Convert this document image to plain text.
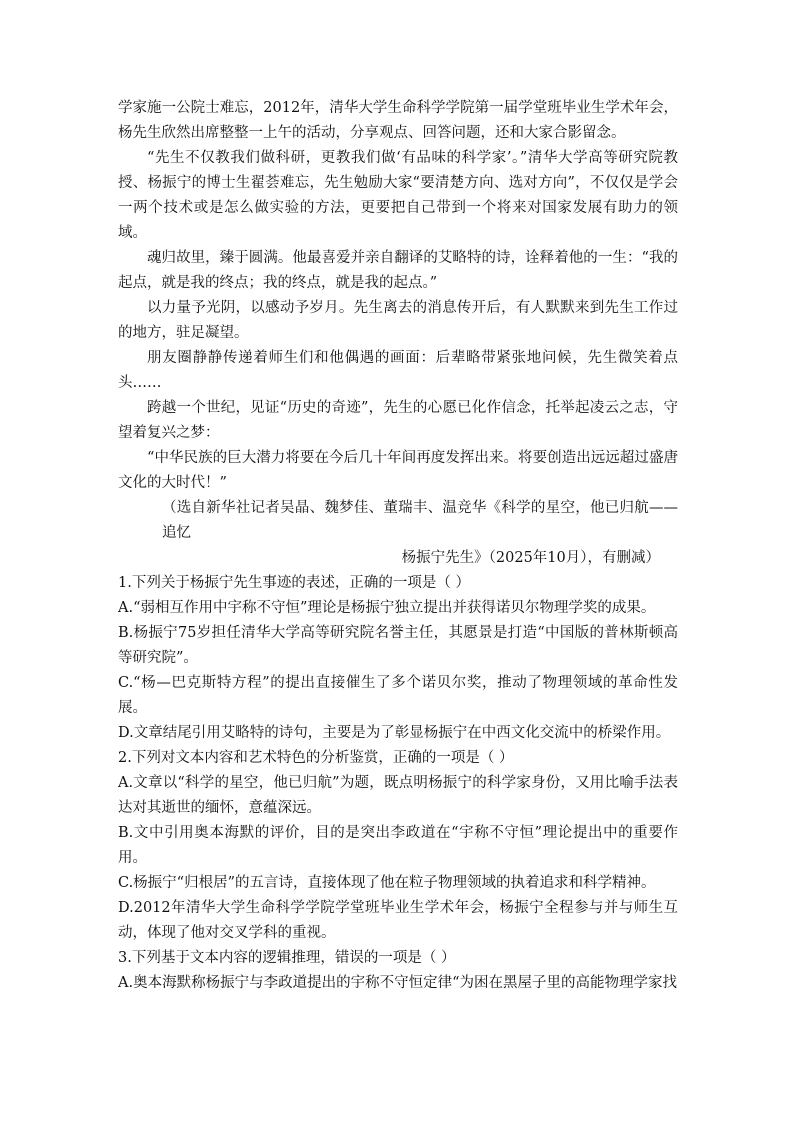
学家施一公院士难忘，2012年，清华大学生命科学学院第一届学堂班毕业生学术年会，杨先生欣然出席整整一上午的活动，分享观点、回答问题，还和大家合影留念。

“先生不仅教我们做科研，更教我们做‘有品味的科学家’。”清华大学高等研究院教授、杨振宁的博士生翟荟难忘，先生勉励大家“要清楚方向、选对方向”，不仅仅是学会一两个技术或是怎么做实验的方法，更要把自己带到一个将来对国家发展有助力的领域。

魂归故里，臻于圆满。他最喜爱并亲自翻译的艾略特的诗，诠释着他的一生：“我的起点，就是我的终点；我的终点，就是我的起点。”

以力量予光阴，以感动予岁月。先生离去的消息传开后，有人默默来到先生工作过的地方，驻足凝望。

朋友圈静静传递着师生们和他偶遇的画面：后辈略带紧张地问候，先生微笑着点头……

跨越一个世纪，见证“历史的奇迹”，先生的心愿已化作信念，托举起凌云之志，守望着复兴之梦：

“中华民族的巨大潜力将要在今后几十年间再度发挥出来。将要创造出远远超过盛唐文化的大时代！”

（选自新华社记者吴晶、魏梦佳、董瑞丰、温竞华《科学的星空，他已归航——追忆

杨振宁先生》（2025年10月），有删减）

1.下列关于杨振宁先生事迹的表述，正确的一项是（ ）

A.“弱相互作用中宇称不守恒”理论是杨振宁独立提出并获得诺贝尔物理学奖的成果。

B.杨振宁75岁担任清华大学高等研究院名誉主任，其愿景是打造“中国版的普林斯顿高等研究院”。

C.“杨—巴克斯特方程”的提出直接催生了多个诺贝尔奖，推动了物理领域的革命性发展。

D.文章结尾引用艾略特的诗句，主要是为了彰显杨振宁在中西文化交流中的桥梁作用。

2.下列对文本内容和艺术特色的分析鉴赏，正确的一项是（ ）

A.文章以“科学的星空，他已归航”为题，既点明杨振宁的科学家身份，又用比喻手法表达对其逝世的缅怀，意蕴深远。

B.文中引用奥本海默的评价，目的是突出李政道在“宇称不守恒”理论提出中的重要作用。

C.杨振宁“归根居”的五言诗，直接体现了他在粒子物理领域的执着追求和科学精神。

D.2012年清华大学生命科学学院学堂班毕业生学术年会，杨振宁全程参与并与师生互动，体现了他对交叉学科的重视。

3.下列基于文本内容的逻辑推理，错误的一项是（ ）

A.奥本海默称杨振宁与李政道提出的宇称不守恒定律“为困在黑屋子里的高能物理学家找
